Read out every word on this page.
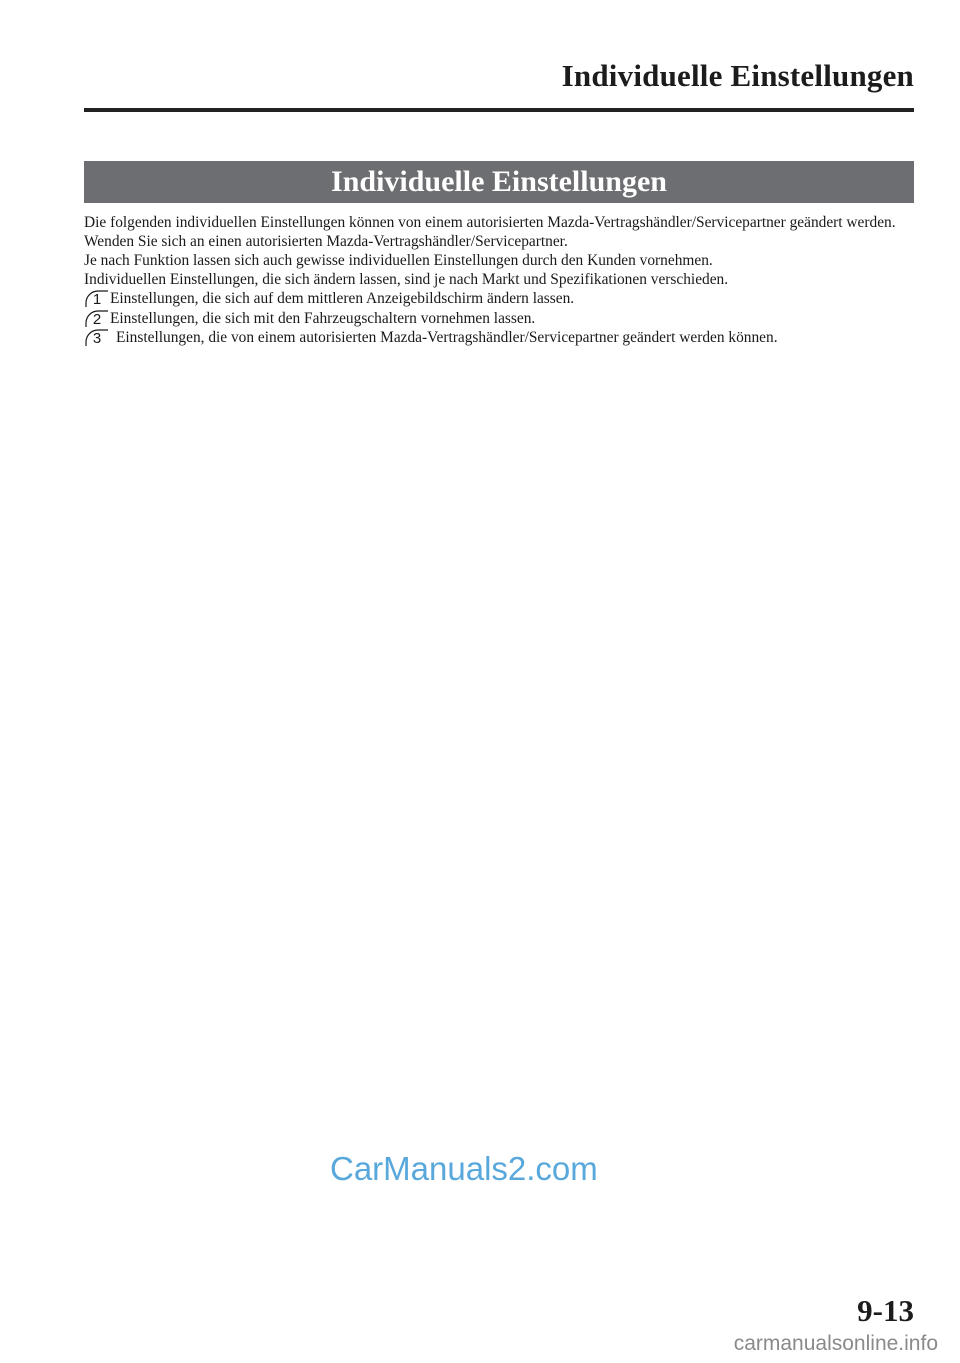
Individuelle Einstellungen
Individuelle Einstellungen

Die folgenden individuellen Einstellungen können von einem autorisierten Mazda-Vertragshändler/Servicepartner geändert werden. Wenden Sie sich an einen autorisierten Mazda-Vertragshändler/Servicepartner.

Je nach Funktion lassen sich auch gewisse individuellen Einstellungen durch den Kunden vornehmen.

Individuellen Einstellungen, die sich ändern lassen, sind je nach Markt und Spezifikationen verschieden.

1 Einstellungen, die sich auf dem mittleren Anzeigebildschirm ändern lassen.
2 Einstellungen, die sich mit den Fahrzeugschaltern vornehmen lassen.
3 Einstellungen, die von einem autorisierten Mazda-Vertragshändler/Servicepartner geändert werden können.
CarManuals2.com
9-13
carmanualsonline.info
